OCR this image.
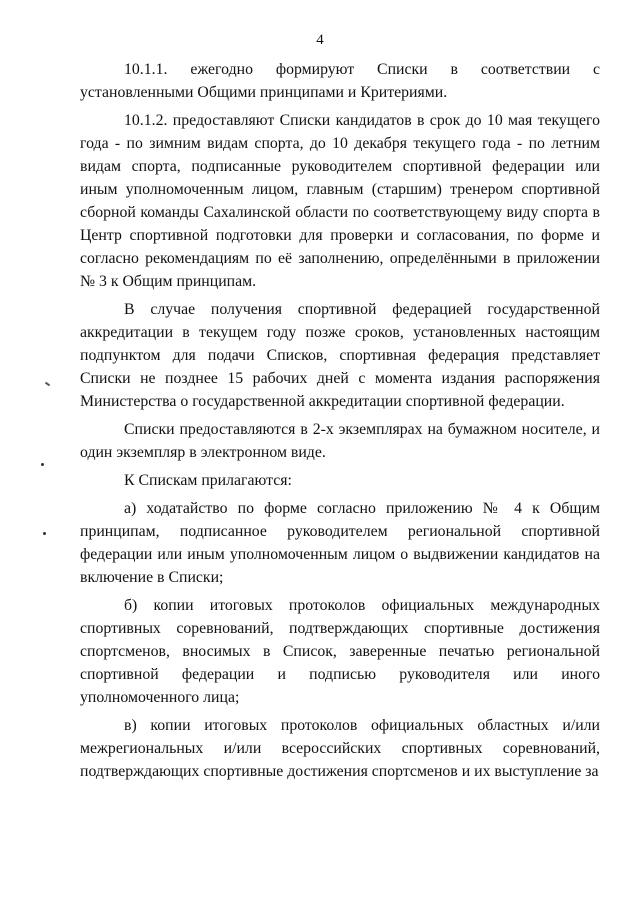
4

10.1.1. ежегодно формируют Списки в соответствии с установленными Общими принципами и Критериями.

10.1.2. предоставляют Списки кандидатов в срок до 10 мая текущего года - по зимним видам спорта, до 10 декабря текущего года - по летним видам спорта, подписанные руководителем спортивной федерации или иным уполномоченным лицом, главным (старшим) тренером спортивной сборной команды Сахалинской области по соответствующему виду спорта в Центр спортивной подготовки для проверки и согласования, по форме и согласно рекомендациям по её заполнению, определёнными в приложении № 3 к Общим принципам.

В случае получения спортивной федерацией государственной аккредитации в текущем году позже сроков, установленных настоящим подпунктом для подачи Списков, спортивная федерация представляет Списки не позднее 15 рабочих дней с момента издания распоряжения Министерства о государственной аккредитации спортивной федерации.

Списки предоставляются в 2-х экземплярах на бумажном носителе, и один экземпляр в электронном виде.

К Спискам прилагаются:

а) ходатайство по форме согласно приложению № 4 к Общим принципам, подписанное руководителем региональной спортивной федерации или иным уполномоченным лицом о выдвижении кандидатов на включение в Списки;

б) копии итоговых протоколов официальных международных спортивных соревнований, подтверждающих спортивные достижения спортсменов, вносимых в Список, заверенные печатью региональной спортивной федерации и подписью руководителя или иного уполномоченного лица;

в) копии итоговых протоколов официальных областных и/или межрегиональных и/или всероссийских спортивных соревнований, подтверждающих спортивные достижения спортсменов и их выступление за
